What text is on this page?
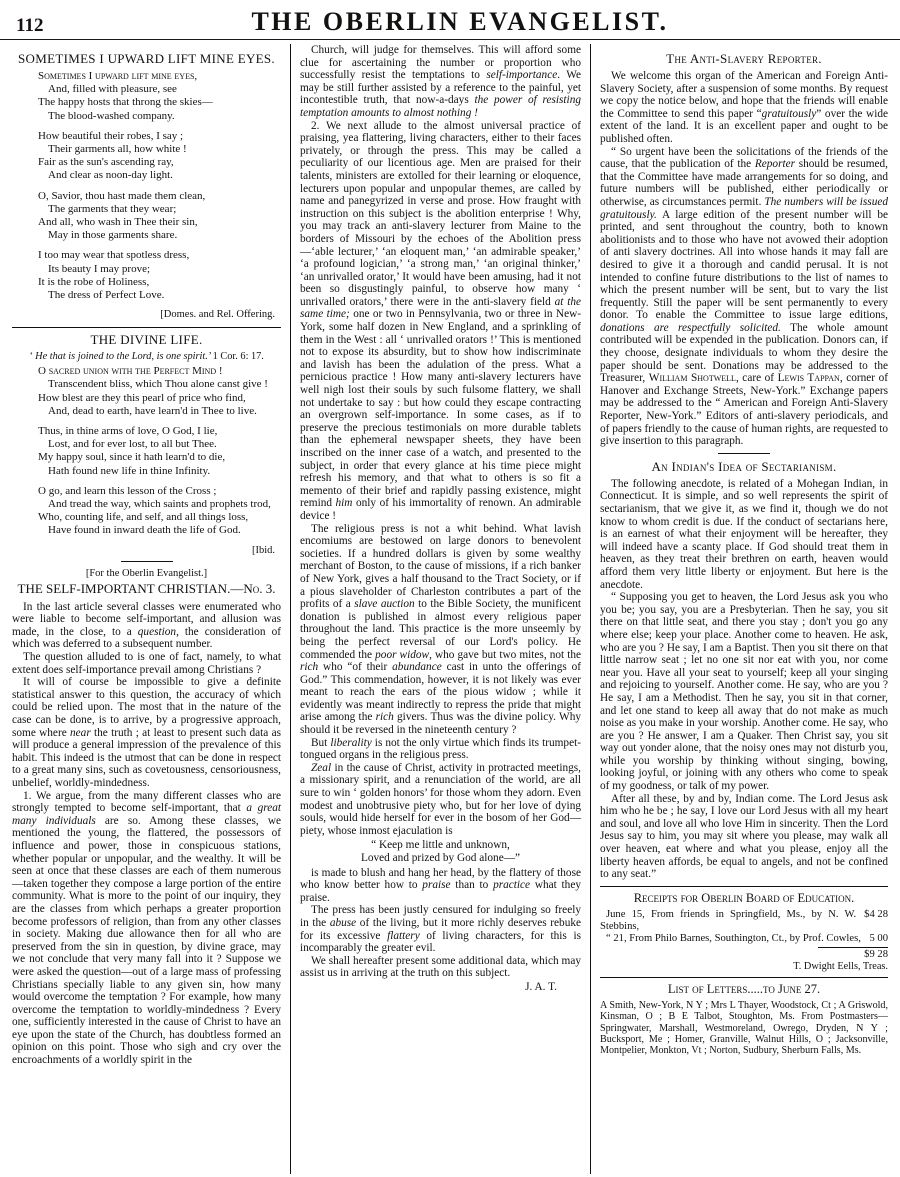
112	THE OBERLIN EVANGELIST.
SOMETIMES I UPWARD LIFT MINE EYES.
Sometimes I upward lift mine eyes,
And, filled with pleasure, see
The happy hosts that throng the skies—
The blood-washed company.
How beautiful their robes, I say ;
Their garments all, how white !
Fair as the sun's ascending ray,
And clear as noon-day light.
O, Savior, thou hast made them clean,
The garments that they wear;
And all, who wash in Thee their sin,
May in those garments share.
I too may wear that spotless dress,
Its beauty I may prove;
It is the robe of Holiness,
The dress of Perfect Love.
[Domes. and Rel. Offering.
THE DIVINE LIFE.
‘ He that is joined to the Lord, is one spirit.’ 1 Cor. 6: 17.
O sacred union with the Perfect Mind !
Transcendent bliss, which Thou alone canst give !
How blest are they this pearl of price who find,
And, dead to earth, have learn'd in Thee to live.
Thus, in thine arms of love, O God, I lie,
Lost, and for ever lost, to all but Thee.
My happy soul, since it hath learn'd to die,
Hath found new life in thine Infinity.
O go, and learn this lesson of the Cross ;
And tread the way, which saints and prophets trod,
Who, counting life, and self, and all things loss,
Have found in inward death the life of God.
[Ibid.
[For the Oberlin Evangelist.]
THE SELF-IMPORTANT CHRISTIAN.—No. 3.

In the last article several classes were enumerated who were liable to become self-important, and allusion was made, in the close, to a question, the consideration of which was deferred to a subsequent number.

The question alluded to is one of fact, namely, to what extent does self-importance prevail among Christians ?

It will of course be impossible to give a definite statistical answer to this question, the accuracy of which could be relied upon. The most that in the nature of the case can be done, is to arrive, by a progressive approach, some where near the truth ; at least to present such data as will produce a general impression of the prevalence of this habit. This indeed is the utmost that can be done in respect to a great many sins, such as covetousness, censoriousness, unbelief, worldly-mindedness.

1. We argue, from the many different classes who are strongly tempted to become self-important, that a great many individuals are so. Among these classes, we mentioned the young, the flattered, the possessors of influence and power, those in conspicuous stations, whether popular or unpopular, and the wealthy. It will be seen at once that these classes are each of them numerous—taken together they compose a large portion of the entire community. What is more to the point of our inquiry, they are the classes from which perhaps a greater proportion become professors of religion, than from any other classes in society. Making due allowance then for all who are preserved from the sin in question, by divine grace, may we not conclude that very many fall into it ? Suppose we were asked the question—out of a large mass of professing Christians specially liable to any given sin, how many would overcome the temptation ? For example, how many overcome the temptation to worldly-mindedness ? Every one, sufficiently interested in the cause of Christ to have an eye upon the state of the Church, has doubtless formed an opinion on this point. Those who sigh and cry over the encroachments of a worldly spirit in the

Church, will judge for themselves. This will afford some clue for ascertaining the number or proportion who successfully resist the temptations to self-importance. We may be still further assisted by a reference to the painful, yet incontestible truth, that now-a-days the power of resisting temptation amounts to almost nothing !

2. We next allude to the almost universal practice of praising, yea flattering, living characters, either to their faces privately, or through the press. This may be called a peculiarity of our licentious age. Men are praised for their talents, ministers are extolled for their learning or eloquence, lecturers upon popular and unpopular themes, are called by name and panegyrized in verse and prose. How fraught with instruction on this subject is the abolition enterprise ! Why, you may track an anti-slavery lecturer from Maine to the borders of Missouri by the echoes of the Abolition press—‘able lecturer,’ ‘an eloquent man,’ ‘an admirable speaker,’ ‘a profound logician,’ ‘a strong man,’ ‘an original thinker,’ ‘an unrivalled orator,’ It would have been amusing, had it not been so disgustingly painful, to observe how many ‘ unrivalled orators,’ there were in the anti-slavery field at the same time; one or two in Pennsylvania, two or three in New-York, some half dozen in New England, and a sprinkling of them in the West : all ‘ unrivalled orators !’ This is mentioned not to expose its absurdity, but to show how indiscriminate and lavish has been the adulation of the press. What a pernicious practice ! How many anti-slavery lecturers have well nigh lost their souls by such fulsome flattery, we shall not undertake to say : but how could they escape contracting an overgrown self-importance. In some cases, as if to preserve the precious testimonials on more durable tablets than the ephemeral newspaper sheets, they have been inscribed on the inner case of a watch, and presented to the subject, in order that every glance at his time piece might refresh his memory, and that what to others is so fit a memento of their brief and rapidly passing existence, might remind him only of his immortality of renown. An admirable device !

The religious press is not a whit behind. What lavish encomiums are bestowed on large donors to benevolent societies. If a hundred dollars is given by some wealthy merchant of Boston, to the cause of missions, if a rich banker of New York, gives a half thousand to the Tract Society, or if a pious slaveholder of Charleston contributes a part of the profits of a slave auction to the Bible Society, the munificent donation is published in almost every religious paper throughout the land. This practice is the more unseemly by being the perfect reversal of our Lord's policy. He commended the poor widow, who gave but two mites, not the rich who “of their abundance cast in unto the offerings of God.” This commendation, however, it is not likely was ever meant to reach the ears of the pious widow ; while it evidently was meant indirectly to repress the pride that might arise among the rich givers. Thus was the divine policy. Why should it be reversed in the nineteenth century ?

But liberality is not the only virtue which finds its trumpet-tongued organs in the religious press.

Zeal in the cause of Christ, activity in protracted meetings, a missionary spirit, and a renunciation of the world, are all sure to win ‘ golden honors’ for those whom they adorn. Even modest and unobtrusive piety who, but for her love of dying souls, would hide herself for ever in the bosom of her God—piety, whose inmost ejaculation is

“ Keep me little and unknown,
Loved and prized by God alone—”

is made to blush and hang her head, by the flattery of those who know better how to praise than to practice what they praise.

The press has been justly censured for indulging so freely in the abuse of the living, but it more richly deserves rebuke for its excessive flattery of living characters, for this is incomparably the greater evil.

We shall hereafter present some additional data, which may assist us in arriving at the truth on this subject.

J. A. T.

The Anti-Slavery Reporter.

We welcome this organ of the American and Foreign Anti-Slavery Society, after a suspension of some months. By request we copy the notice below, and hope that the friends will enable the Committee to send this paper “gratuitously” over the wide extent of the land. It is an excellent paper and ought to be published often.

“ So urgent have been the solicitations of the friends of the cause, that the publication of the Reporter should be resumed, that the Committee have made arrangements for so doing, and future numbers will be published, either periodically or otherwise, as circumstances permit. The numbers will be issued gratuitously. A large edition of the present number will be printed, and sent throughout the country, both to known abolitionists and to those who have not avowed their adoption of anti slavery doctrines. All into whose hands it may fall are desired to give it a thorough and candid perusal. It is not intended to confine future distributions to the list of names to which the present number will be sent, but to vary the list frequently. Still the paper will be sent permanently to every donor. To enable the Committee to issue large editions, donations are respectfully solicited. The whole amount contributed will be expended in the publication. Donors can, if they choose, designate individuals to whom they desire the paper should be sent. Donations may be addressed to the Treasurer, William Shotwell, care of Lewis Tappan, corner of Hanover and Exchange Streets, New-York.” Exchange papers may be addressed to the “ American and Foreign Anti-Slavery Reporter, New-York.” Editors of anti-slavery periodicals, and of papers friendly to the cause of human rights, are requested to give insertion to this paragraph.

An Indian's Idea of Sectarianism.

The following anecdote, is related of a Mohegan Indian, in Connecticut. It is simple, and so well represents the spirit of sectarianism, that we give it, as we find it, though we do not know to whom credit is due. If the conduct of sectarians here, is an earnest of what their enjoyment will be hereafter, they will indeed have a scanty place. If God should treat them in heaven, as they treat their brethren on earth, heaven would afford them very little liberty or enjoyment. But here is the anecdote.

“ Supposing you get to heaven, the Lord Jesus ask you who you be; you say, you are a Presbyterian. Then he say, you sit there on that little seat, and there you stay ; don't you go any where else; keep your place. Another come to heaven. He ask, who are you ? He say, I am a Baptist. Then you sit there on that little narrow seat ; let no one sit nor eat with you, nor come near you. Have all your seat to yourself; keep all your singing and rejoicing to yourself. Another come. He say, who are you ? He say, I am a Methodist. Then he say, you sit in that corner, and let one stand to keep all away that do not make as much noise as you make in your worship. Another come. He say, who are you ? He answer, I am a Quaker. Then Christ say, you sit way out yonder alone, that the noisy ones may not disturb you, while you worship by thinking without singing, bowing, looking joyful, or joining with any others who come to speak of my goodness, or talk of my power.

After all these, by and by, Indian come. The Lord Jesus ask him who he be ; he say, I love our Lord Jesus with all my heart and soul, and love all who love Him in sincerity. Then the Lord Jesus say to him, you may sit where you please, may walk all over heaven, eat where and what you please, enjoy all the liberty heaven affords, be equal to angels, and not be confined to any seat.”

Receipts for Oberlin Board of Education.
June 15, From friends in Springfield, Ms., by N. W. Stebbins,
$4 28
“ 21, From Philo Barnes, Southington, Ct., by Prof. Cowles, 5 00
$9 28
T. Dwight Eells, Treas.
List of Letters.....to June 27.
A Smith, New-York, N Y ; Mrs L Thayer, Woodstock, Ct ; A Griswold, Kinsman, O ; B E Talbot, Stoughton, Ms. From Postmasters—Springwater, Marshall, Westmoreland, Owrego, Dryden, N Y ; Bucksport, Me ; Homer, Granville, Walnut Hills, O ; Jacksonville, Montpelier, Monkton, Vt ; Norton, Sudbury, Sherburn Falls, Ms.
